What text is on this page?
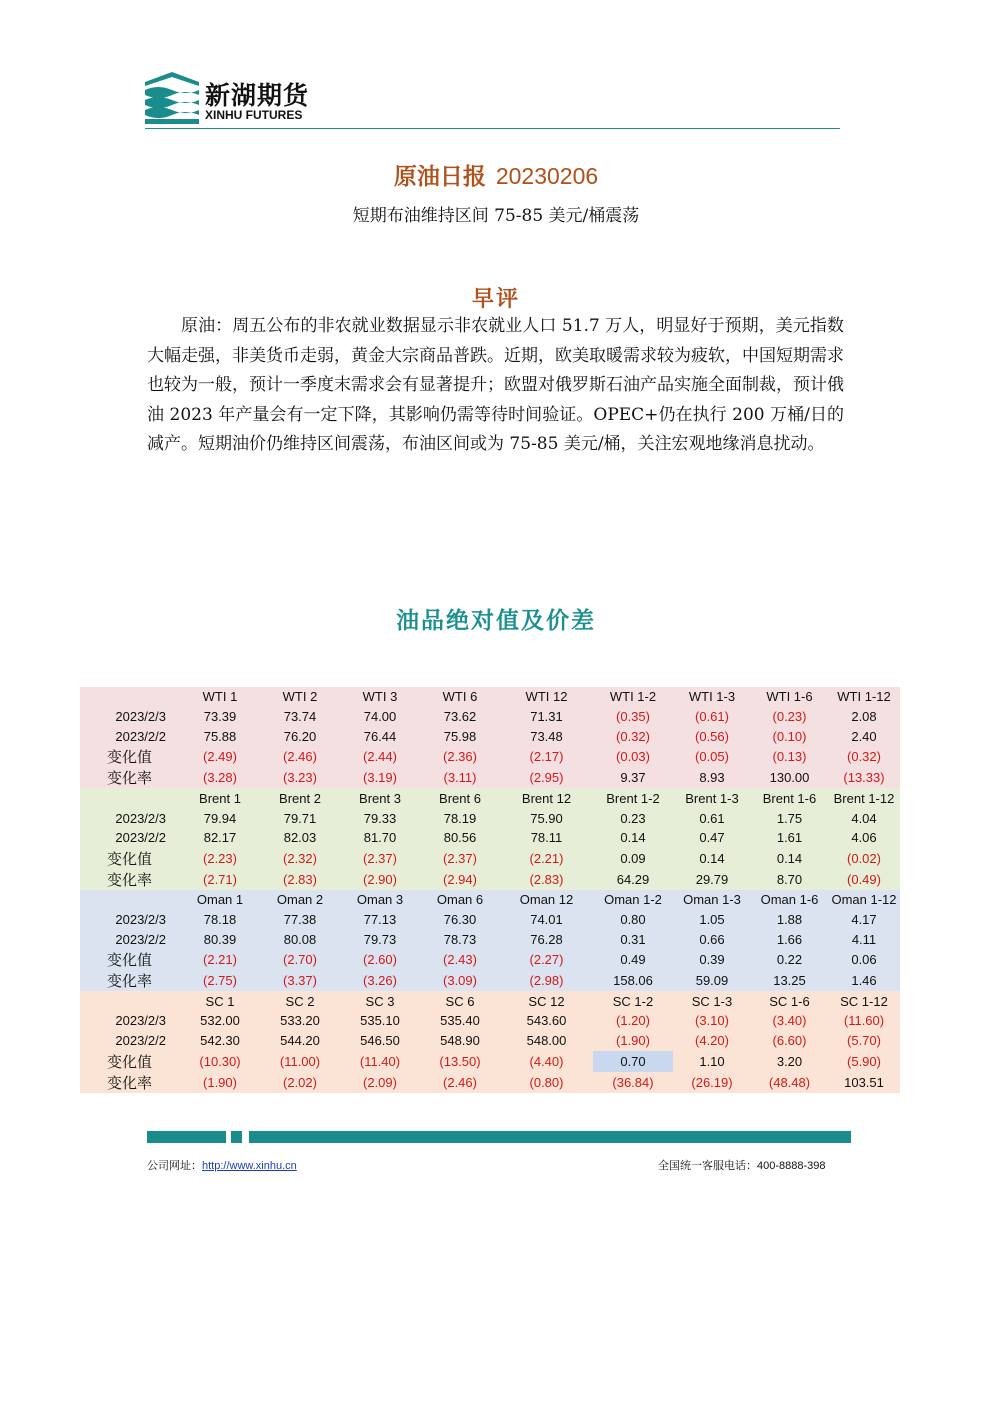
新湖期货
XINHU FUTURES
原油日报 20230206
短期布油维持区间 75-85 美元/桶震荡
早评

原油：周五公布的非农就业数据显示非农就业人口 51.7 万人，明显好于预期，美元指数大幅走强，非美货币走弱，黄金大宗商品普跌。近期，欧美取暖需求较为疲软，中国短期需求也较为一般，预计一季度末需求会有显著提升；欧盟对俄罗斯石油产品实施全面制裁，预计俄油 2023 年产量会有一定下降，其影响仍需等待时间验证。OPEC+仍在执行 200 万桶/日的减产。短期油价仍维持区间震荡，布油区间或为 75-85 美元/桶，关注宏观地缘消息扰动。

油品绝对值及价差
	WTI 1	WTI 2	WTI 3	WTI 6	WTI 12	WTI 1-2	WTI 1-3	WTI 1-6	WTI 1-12
2023/2/3	73.39	73.74	74.00	73.62	71.31	(0.35)	(0.61)	(0.23)	2.08
2023/2/2	75.88	76.20	76.44	75.98	73.48	(0.32)	(0.56)	(0.10)	2.40
变化值	(2.49)	(2.46)	(2.44)	(2.36)	(2.17)	(0.03)	(0.05)	(0.13)	(0.32)
变化率	(3.28)	(3.23)	(3.19)	(3.11)	(2.95)	9.37	8.93	130.00	(13.33)
	Brent 1	Brent 2	Brent 3	Brent 6	Brent 12	Brent 1-2	Brent 1-3	Brent 1-6	Brent 1-12
2023/2/3	79.94	79.71	79.33	78.19	75.90	0.23	0.61	1.75	4.04
2023/2/2	82.17	82.03	81.70	80.56	78.11	0.14	0.47	1.61	4.06
变化值	(2.23)	(2.32)	(2.37)	(2.37)	(2.21)	0.09	0.14	0.14	(0.02)
变化率	(2.71)	(2.83)	(2.90)	(2.94)	(2.83)	64.29	29.79	8.70	(0.49)
	Oman 1	Oman 2	Oman 3	Oman 6	Oman 12	Oman 1-2	Oman 1-3	Oman 1-6	Oman 1-12
2023/2/3	78.18	77.38	77.13	76.30	74.01	0.80	1.05	1.88	4.17
2023/2/2	80.39	80.08	79.73	78.73	76.28	0.31	0.66	1.66	4.11
变化值	(2.21)	(2.70)	(2.60)	(2.43)	(2.27)	0.49	0.39	0.22	0.06
变化率	(2.75)	(3.37)	(3.26)	(3.09)	(2.98)	158.06	59.09	13.25	1.46
	SC 1	SC 2	SC 3	SC 6	SC 12	SC 1-2	SC 1-3	SC 1-6	SC 1-12
2023/2/3	532.00	533.20	535.10	535.40	543.60	(1.20)	(3.10)	(3.40)	(11.60)
2023/2/2	542.30	544.20	546.50	548.90	548.00	(1.90)	(4.20)	(6.60)	(5.70)
变化值	(10.30)	(11.00)	(11.40)	(13.50)	(4.40)	0.70	1.10	3.20	(5.90)
变化率	(1.90)	(2.02)	(2.09)	(2.46)	(0.80)	(36.84)	(26.19)	(48.48)	103.51
公司网址：http://www.xinhu.cn	全国统一客服电话：400-8888-398
